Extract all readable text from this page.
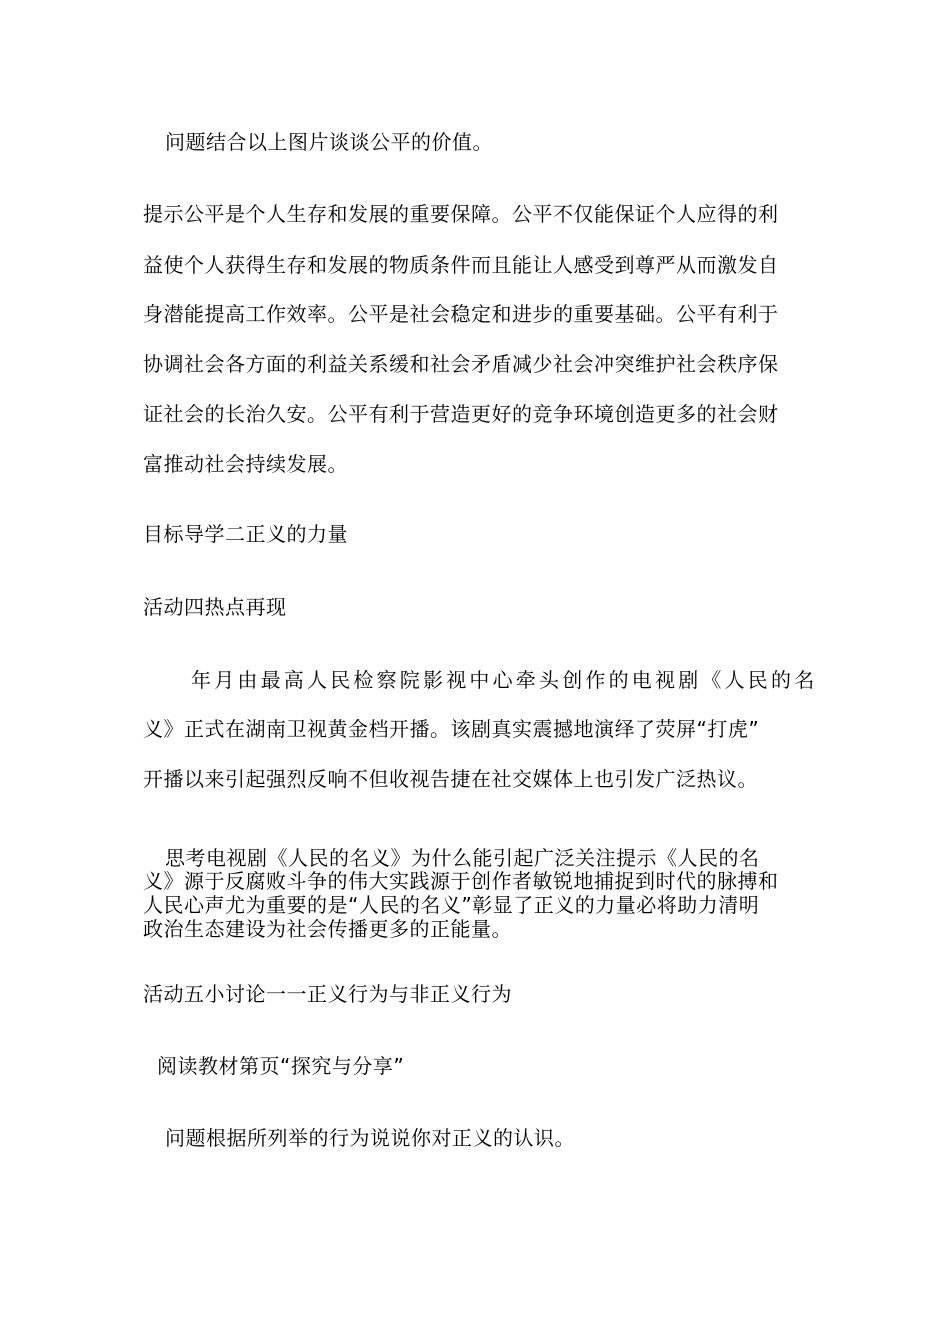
问题结合以上图片谈谈公平的价值。
提示公平是个人生存和发展的重要保障。公平不仅能保证个人应得的利
益使个人获得生存和发展的物质条件而且能让人感受到尊严从而激发自
身潜能提高工作效率。公平是社会稳定和进步的重要基础。公平有利于
协调社会各方面的利益关系缓和社会矛盾减少社会冲突维护社会秩序保
证社会的长治久安。公平有利于营造更好的竞争环境创造更多的社会财
富推动社会持续发展。
目标导学二正义的力量
活动四热点再现
年月由最高人民检察院影视中心牵头创作的电视剧《人民的名
义》正式在湖南卫视黄金档开播。该剧真实震撼地演绎了荧屏“打虎”
开播以来引起强烈反响不但收视告捷在社交媒体上也引发广泛热议。
思考电视剧《人民的名义》为什么能引起广泛关注提示《人民的名
义》源于反腐败斗争的伟大实践源于创作者敏锐地捕捉到时代的脉搏和
人民心声尤为重要的是“人民的名义”彰显了正义的力量必将助力清明
政治生态建设为社会传播更多的正能量。
活动五小讨论一一正义行为与非正义行为
阅读教材第页“探究与分享”
问题根据所列举的行为说说你对正义的认识。
